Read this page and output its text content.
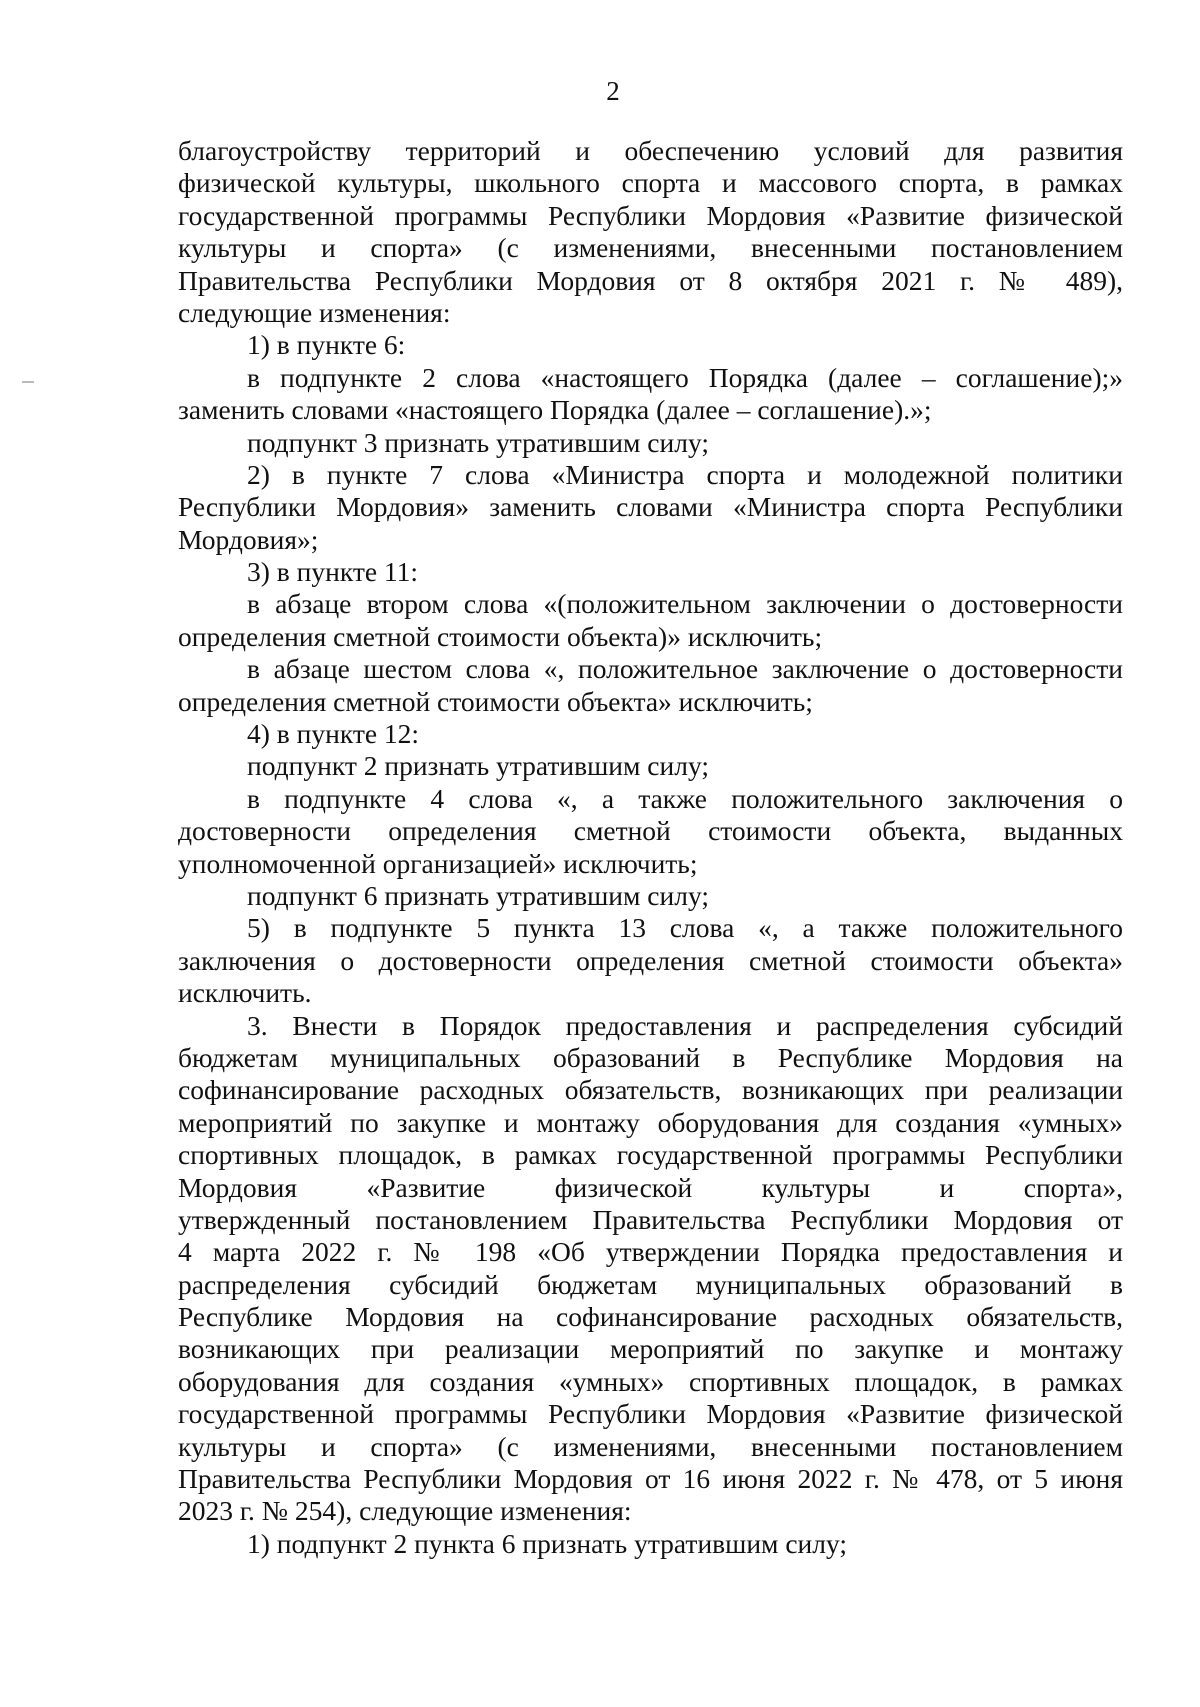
2
благоустройству территорий и обеспечению условий для развития
физической культуры, школьного спорта и массового спорта, в рамках
государственной программы Республики Мордовия «Развитие физической
культуры и спорта» (с изменениями, внесенными постановлением
Правительства Республики Мордовия от 8 октября 2021 г. № 489),
следующие изменения:
1) в пункте 6:
в подпункте 2 слова «настоящего Порядка (далее – соглашение);»
заменить словами «настоящего Порядка (далее – соглашение).»;
подпункт 3 признать утратившим силу;
2) в пункте 7 слова «Министра спорта и молодежной политики
Республики Мордовия» заменить словами «Министра спорта Республики
Мордовия»;
3) в пункте 11:
в абзаце втором слова «(положительном заключении о достоверности
определения сметной стоимости объекта)» исключить;
в абзаце шестом слова «, положительное заключение о достоверности
определения сметной стоимости объекта» исключить;
4) в пункте 12:
подпункт 2 признать утратившим силу;
в подпункте 4 слова «, а также положительного заключения о
достоверности определения сметной стоимости объекта, выданных
уполномоченной организацией» исключить;
подпункт 6 признать утратившим силу;
5) в подпункте 5 пункта 13 слова «, а также положительного
заключения о достоверности определения сметной стоимости объекта»
исключить.
3. Внести в Порядок предоставления и распределения субсидий
бюджетам муниципальных образований в Республике Мордовия на
софинансирование расходных обязательств, возникающих при реализации
мероприятий по закупке и монтажу оборудования для создания «умных»
спортивных площадок, в рамках государственной программы Республики
Мордовия «Развитие физической культуры и спорта»,
утвержденный постановлением Правительства Республики Мордовия от
4 марта 2022 г. № 198 «Об утверждении Порядка предоставления и
распределения субсидий бюджетам муниципальных образований в
Республике Мордовия на софинансирование расходных обязательств,
возникающих при реализации мероприятий по закупке и монтажу
оборудования для создания «умных» спортивных площадок, в рамках
государственной программы Республики Мордовия «Развитие физической
культуры и спорта» (с изменениями, внесенными постановлением
Правительства Республики Мордовия от 16 июня 2022 г. № 478, от 5 июня
2023 г. № 254), следующие изменения:
1) подпункт 2 пункта 6 признать утратившим силу;
